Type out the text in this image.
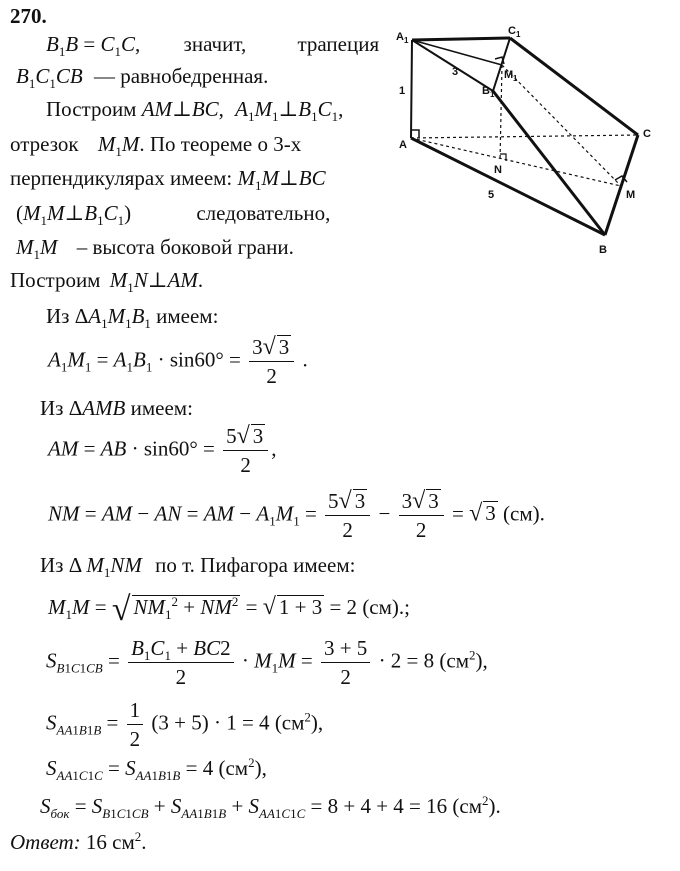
270.
$B_1B = C_1C$, значит, трапеция
$B_1C_1CB$ — равнобедренная.
Построим AM⊥BC, $A_1M_1\perp B_1C_1$,
отрезок $M_1M$. По теореме о 3-х
перпендикулярах имеем: $M_1M\perp BC$
$(M_1M\perp B_1C_1)$	следовательно,
$M_1M$ – высота боковой грани.
Построим $M_1N\perp AM$.
Из $\Delta A_1M_1B_1$ имеем:
$A_1M_1 = A_1B_1 \cdot \sin 60^\circ = \frac{3√ 3}{2}$ .
Из ΔAMB имеем:
AM = AB · $\sin 60^\circ = \frac{5√ 3}{2}$ ,
NM = AM − AN = AM − $A_1M_1 = \frac{5√ 3}{2} - \frac{3√ 3}{2}$ = √ 3 (см).
Из Δ $M_1NM$ по т. Пифагора имеем:
$M_1M$ = √ $NM_1^2 + NM^2$ = √ 1 + 3 = 2 (см).;
$S_{B1C1CB} = \frac{B_1C_1 + BC2}{2} \cdot M_1M = \frac{3 + 5}{2} \cdot 2 = 8$ $(см^2)$,
$S_{AA1B1B} = \frac{1}{2} (3 + 5) \cdot 1 = 4$ $(см^2)$,
$S_{AA1C1C} = S_{AA1B1B} = 4$ $(см^2)$,
$S_{бок} = S_{B1C1CB} + S_{AA1B1B} + S_{AA1C1C} = 8 + 4 + 4 = 16$ $(см^2)$.
Ответ: 16 $см^2$.
A 1
C 1
M 1
B 1
A
C
N
M
B
3
1
5
